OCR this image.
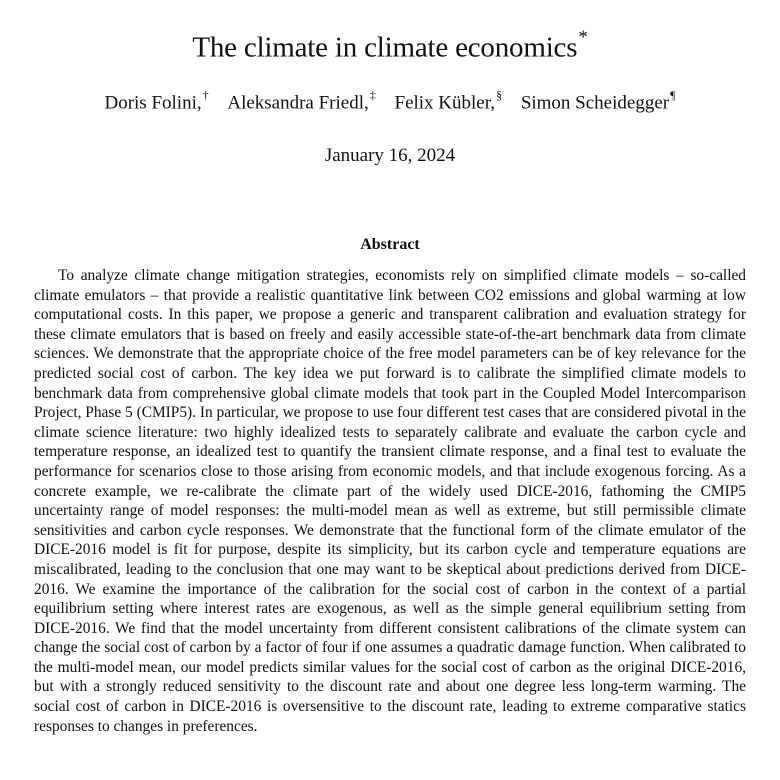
The climate in climate economics*
Doris Folini,† Aleksandra Friedl,‡ Felix Kübler,§ Simon Scheidegger¶
January 16, 2024
Abstract

To analyze climate change mitigation strategies, economists rely on simplified climate models – so-called climate emulators – that provide a realistic quantitative link between CO2 emissions and global warming at low computational costs. In this paper, we propose a generic and transparent calibration and evaluation strategy for these climate emulators that is based on freely and easily accessible state-of-the-art benchmark data from climate sciences. We demonstrate that the appropriate choice of the free model parameters can be of key relevance for the predicted social cost of carbon. The key idea we put forward is to calibrate the simplified climate models to benchmark data from comprehensive global climate models that took part in the Coupled Model Intercomparison Project, Phase 5 (CMIP5). In particular, we propose to use four different test cases that are considered pivotal in the climate science literature: two highly idealized tests to separately calibrate and evaluate the carbon cycle and temperature response, an idealized test to quantify the transient climate response, and a final test to evaluate the performance for scenarios close to those arising from economic models, and that include exogenous forcing. As a concrete example, we re-calibrate the climate part of the widely used DICE-2016, fathoming the CMIP5 uncertainty range of model responses: the multi-model mean as well as extreme, but still permissible climate sensitivities and carbon cycle responses. We demonstrate that the functional form of the climate emulator of the DICE-2016 model is fit for purpose, despite its simplicity, but its carbon cycle and temperature equations are miscalibrated, leading to the conclusion that one may want to be skeptical about predictions derived from DICE-2016. We examine the importance of the calibration for the social cost of carbon in the context of a partial equilibrium setting where interest rates are exogenous, as well as the simple general equilibrium setting from DICE-2016. We find that the model uncertainty from different consistent calibrations of the climate system can change the social cost of carbon by a factor of four if one assumes a quadratic damage function. When calibrated to the multi-model mean, our model predicts similar values for the social cost of carbon as the original DICE-2016, but with a strongly reduced sensitivity to the discount rate and about one degree less long-term warming. The social cost of carbon in DICE-2016 is oversensitive to the discount rate, leading to extreme comparative statics responses to changes in preferences.
